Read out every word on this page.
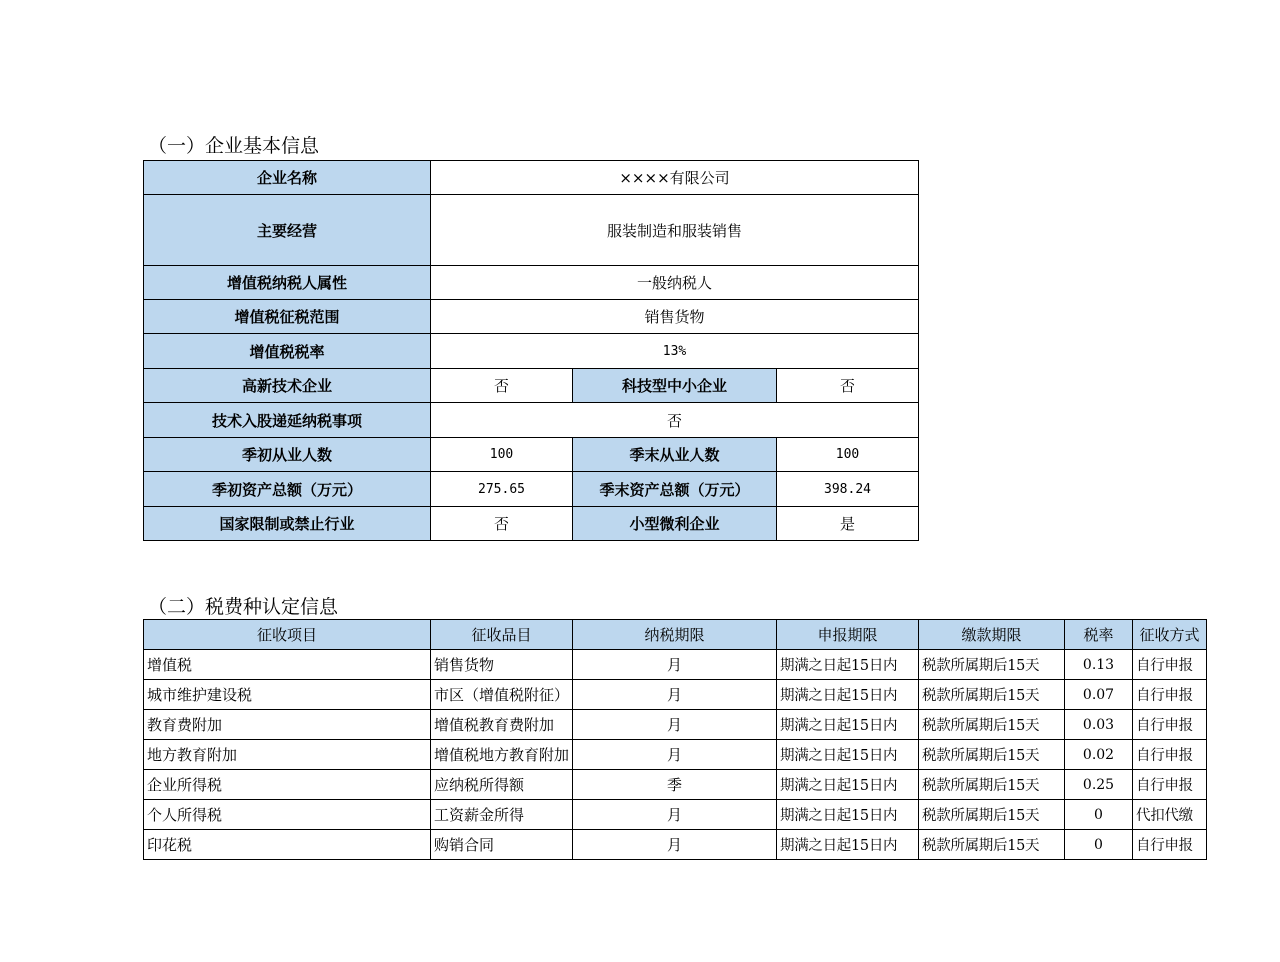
（一）企业基本信息
企业名称	××××有限公司		
主要经营	服装制造和服装销售		
增值税纳税人属性	一般纳税人		
增值税征税范围	销售货物		
增值税税率	13%		
高新技术企业	否	科技型中小企业	否
技术入股递延纳税事项	否		
季初从业人数	100	季末从业人数	100
季初资产总额（万元）	275.65	季末资产总额（万元）	398.24
国家限制或禁止行业	否	小型微利企业	是
（二）税费种认定信息
征收项目	征收品目	纳税期限	申报期限	缴款期限	税率	征收方式
增值税	销售货物	月	期满之日起15日内	税款所属期后15天	0.13	自行申报
城市维护建设税	市区（增值税附征）	月	期满之日起15日内	税款所属期后15天	0.07	自行申报
教育费附加	增值税教育费附加	月	期满之日起15日内	税款所属期后15天	0.03	自行申报
地方教育附加	增值税地方教育附加	月	期满之日起15日内	税款所属期后15天	0.02	自行申报
企业所得税	应纳税所得额	季	期满之日起15日内	税款所属期后15天	0.25	自行申报
个人所得税	工资薪金所得	月	期满之日起15日内	税款所属期后15天	0	代扣代缴
印花税	购销合同	月	期满之日起15日内	税款所属期后15天	0	自行申报
